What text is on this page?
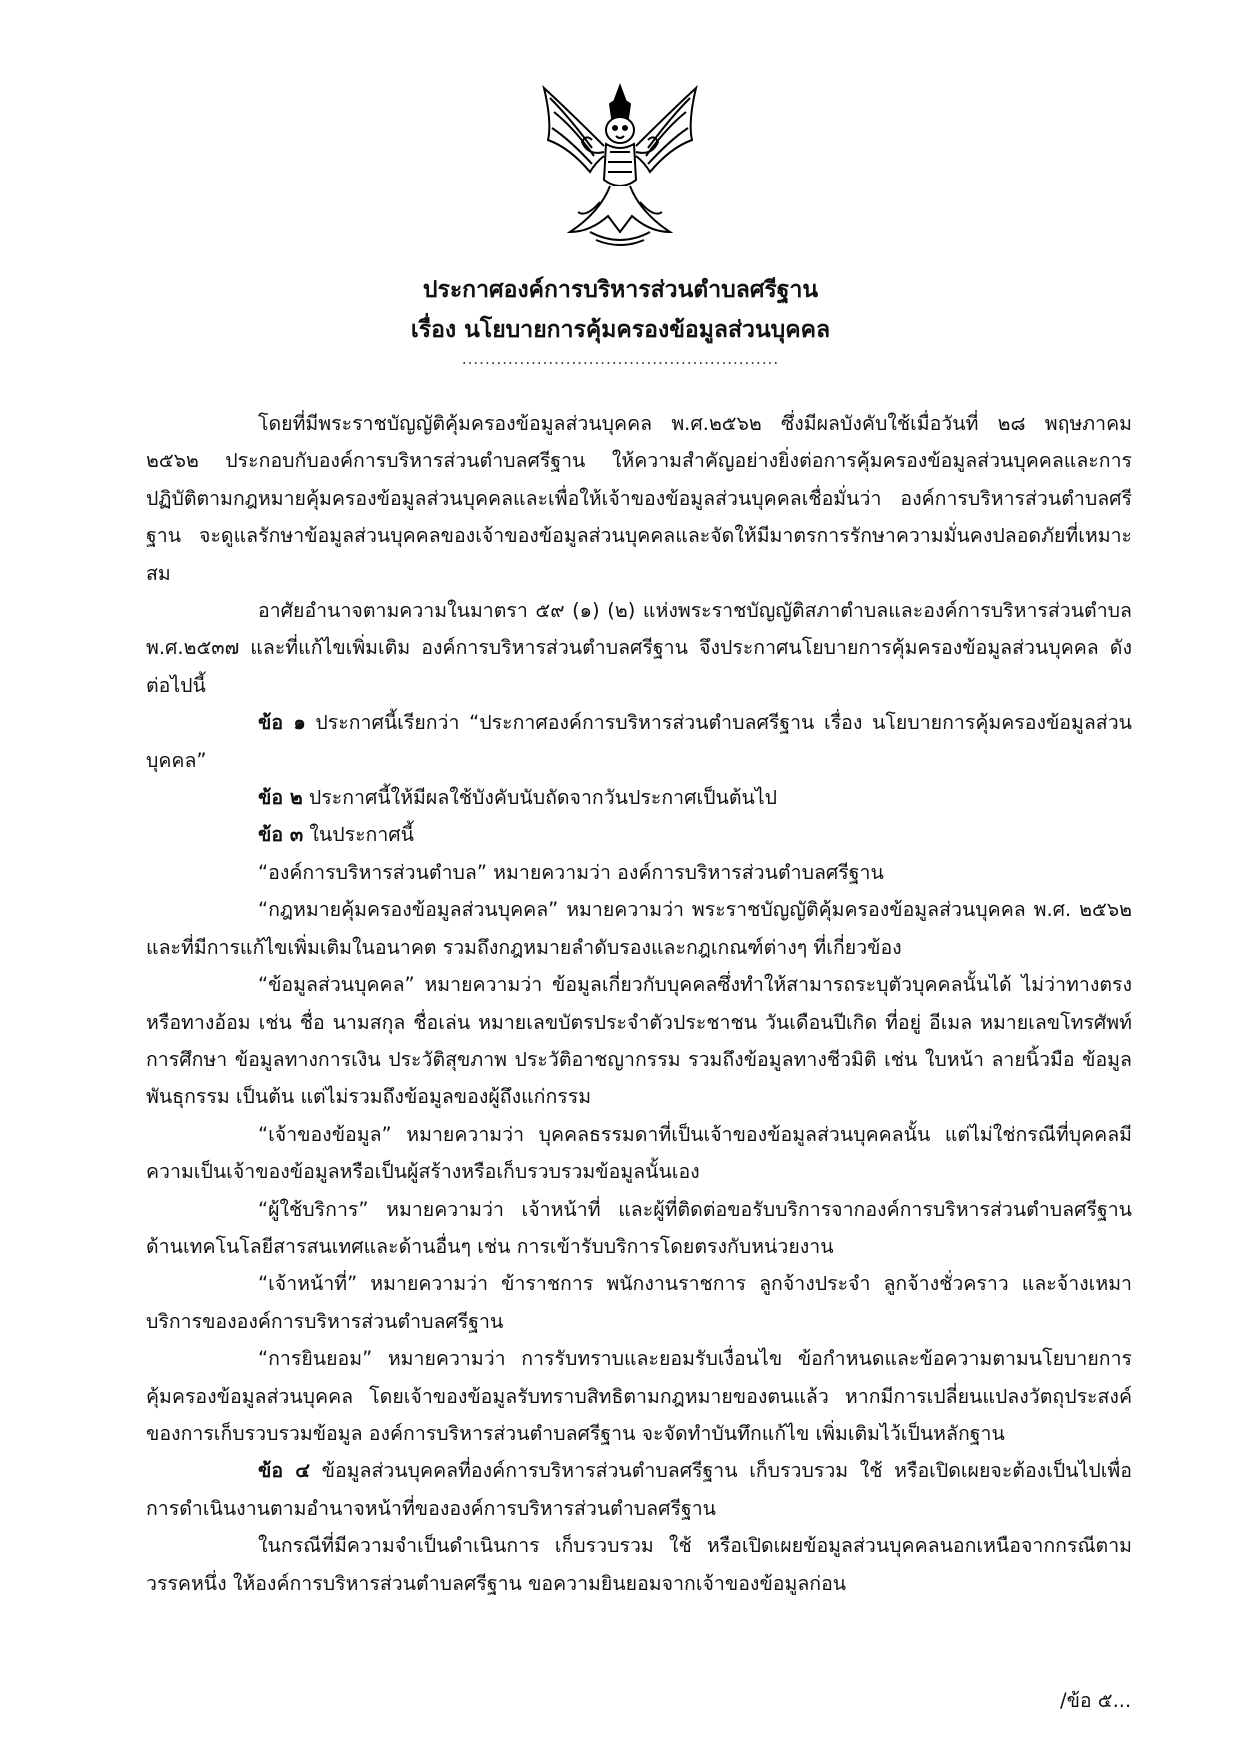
ประกาศองค์การบริหารส่วนตำบลศรีฐาน
เรื่อง นโยบายการคุ้มครองข้อมูลส่วนบุคคล
.......................................................

โดยที่มีพระราชบัญญัติคุ้มครองข้อมูลส่วนบุคคล พ.ศ.๒๕๖๒ ซึ่งมีผลบังคับใช้เมื่อวันที่ ๒๘ พฤษภาคม ๒๕๖๒ ประกอบกับองค์การบริหารส่วนตำบลศรีฐาน ให้ความสำคัญอย่างยิ่งต่อการคุ้มครองข้อมูลส่วนบุคคลและการปฏิบัติตามกฎหมายคุ้มครองข้อมูลส่วนบุคคลและเพื่อให้เจ้าของข้อมูลส่วนบุคคลเชื่อมั่นว่า องค์การบริหารส่วนตำบลศรีฐาน จะดูแลรักษาข้อมูลส่วนบุคคลของเจ้าของข้อมูลส่วนบุคคลและจัดให้มีมาตรการรักษาความมั่นคงปลอดภัยที่เหมาะสม

อาศัยอำนาจตามความในมาตรา ๕๙ (๑) (๒) แห่งพระราชบัญญัติสภาตำบลและองค์การบริหารส่วนตำบล พ.ศ.๒๕๓๗ และที่แก้ไขเพิ่มเติม องค์การบริหารส่วนตำบลศรีฐาน จึงประกาศนโยบายการคุ้มครองข้อมูลส่วนบุคคล ดังต่อไปนี้

ข้อ ๑ ประกาศนี้เรียกว่า “ประกาศองค์การบริหารส่วนตำบลศรีฐาน เรื่อง นโยบายการคุ้มครองข้อมูลส่วนบุคคล”

ข้อ ๒ ประกาศนี้ให้มีผลใช้บังคับนับถัดจากวันประกาศเป็นต้นไป

ข้อ ๓ ในประกาศนี้

“องค์การบริหารส่วนตำบล” หมายความว่า องค์การบริหารส่วนตำบลศรีฐาน

“กฎหมายคุ้มครองข้อมูลส่วนบุคคล” หมายความว่า พระราชบัญญัติคุ้มครองข้อมูลส่วนบุคคล พ.ศ. ๒๕๖๒ และที่มีการแก้ไขเพิ่มเติมในอนาคต รวมถึงกฎหมายลำดับรองและกฎเกณฑ์ต่างๆ ที่เกี่ยวข้อง

“ข้อมูลส่วนบุคคล” หมายความว่า ข้อมูลเกี่ยวกับบุคคลซึ่งทำให้สามารถระบุตัวบุคคลนั้นได้ ไม่ว่าทางตรงหรือทางอ้อม เช่น ชื่อ นามสกุล ชื่อเล่น หมายเลขบัตรประจำตัวประชาชน วันเดือนปีเกิด ที่อยู่ อีเมล หมายเลขโทรศัพท์ การศึกษา ข้อมูลทางการเงิน ประวัติสุขภาพ ประวัติอาชญากรรม รวมถึงข้อมูลทางชีวมิติ เช่น ใบหน้า ลายนิ้วมือ ข้อมูลพันธุกรรม เป็นต้น แต่ไม่รวมถึงข้อมูลของผู้ถึงแก่กรรม

“เจ้าของข้อมูล” หมายความว่า บุคคลธรรมดาที่เป็นเจ้าของข้อมูลส่วนบุคคลนั้น แต่ไม่ใช่กรณีที่บุคคลมีความเป็นเจ้าของข้อมูลหรือเป็นผู้สร้างหรือเก็บรวบรวมข้อมูลนั้นเอง

“ผู้ใช้บริการ” หมายความว่า เจ้าหน้าที่ และผู้ที่ติดต่อขอรับบริการจากองค์การบริหารส่วนตำบลศรีฐานด้านเทคโนโลยีสารสนเทศและด้านอื่นๆ เช่น การเข้ารับบริการโดยตรงกับหน่วยงาน

“เจ้าหน้าที่” หมายความว่า ข้าราชการ พนักงานราชการ ลูกจ้างประจำ ลูกจ้างชั่วคราว และจ้างเหมาบริการขององค์การบริหารส่วนตำบลศรีฐาน

“การยินยอม” หมายความว่า การรับทราบและยอมรับเงื่อนไข ข้อกำหนดและข้อความตามนโยบายการคุ้มครองข้อมูลส่วนบุคคล โดยเจ้าของข้อมูลรับทราบสิทธิตามกฎหมายของตนแล้ว หากมีการเปลี่ยนแปลงวัตถุประสงค์ของการเก็บรวบรวมข้อมูล องค์การบริหารส่วนตำบลศรีฐาน จะจัดทำบันทึกแก้ไข เพิ่มเติมไว้เป็นหลักฐาน

ข้อ ๔ ข้อมูลส่วนบุคคลที่องค์การบริหารส่วนตำบลศรีฐาน เก็บรวบรวม ใช้ หรือเปิดเผยจะต้องเป็นไปเพื่อการดำเนินงานตามอำนาจหน้าที่ขององค์การบริหารส่วนตำบลศรีฐาน

ในกรณีที่มีความจำเป็นดำเนินการ เก็บรวบรวม ใช้ หรือเปิดเผยข้อมูลส่วนบุคคลนอกเหนือจากกรณีตามวรรคหนึ่ง ให้องค์การบริหารส่วนตำบลศรีฐาน ขอความยินยอมจากเจ้าของข้อมูลก่อน

/ข้อ ๕...
